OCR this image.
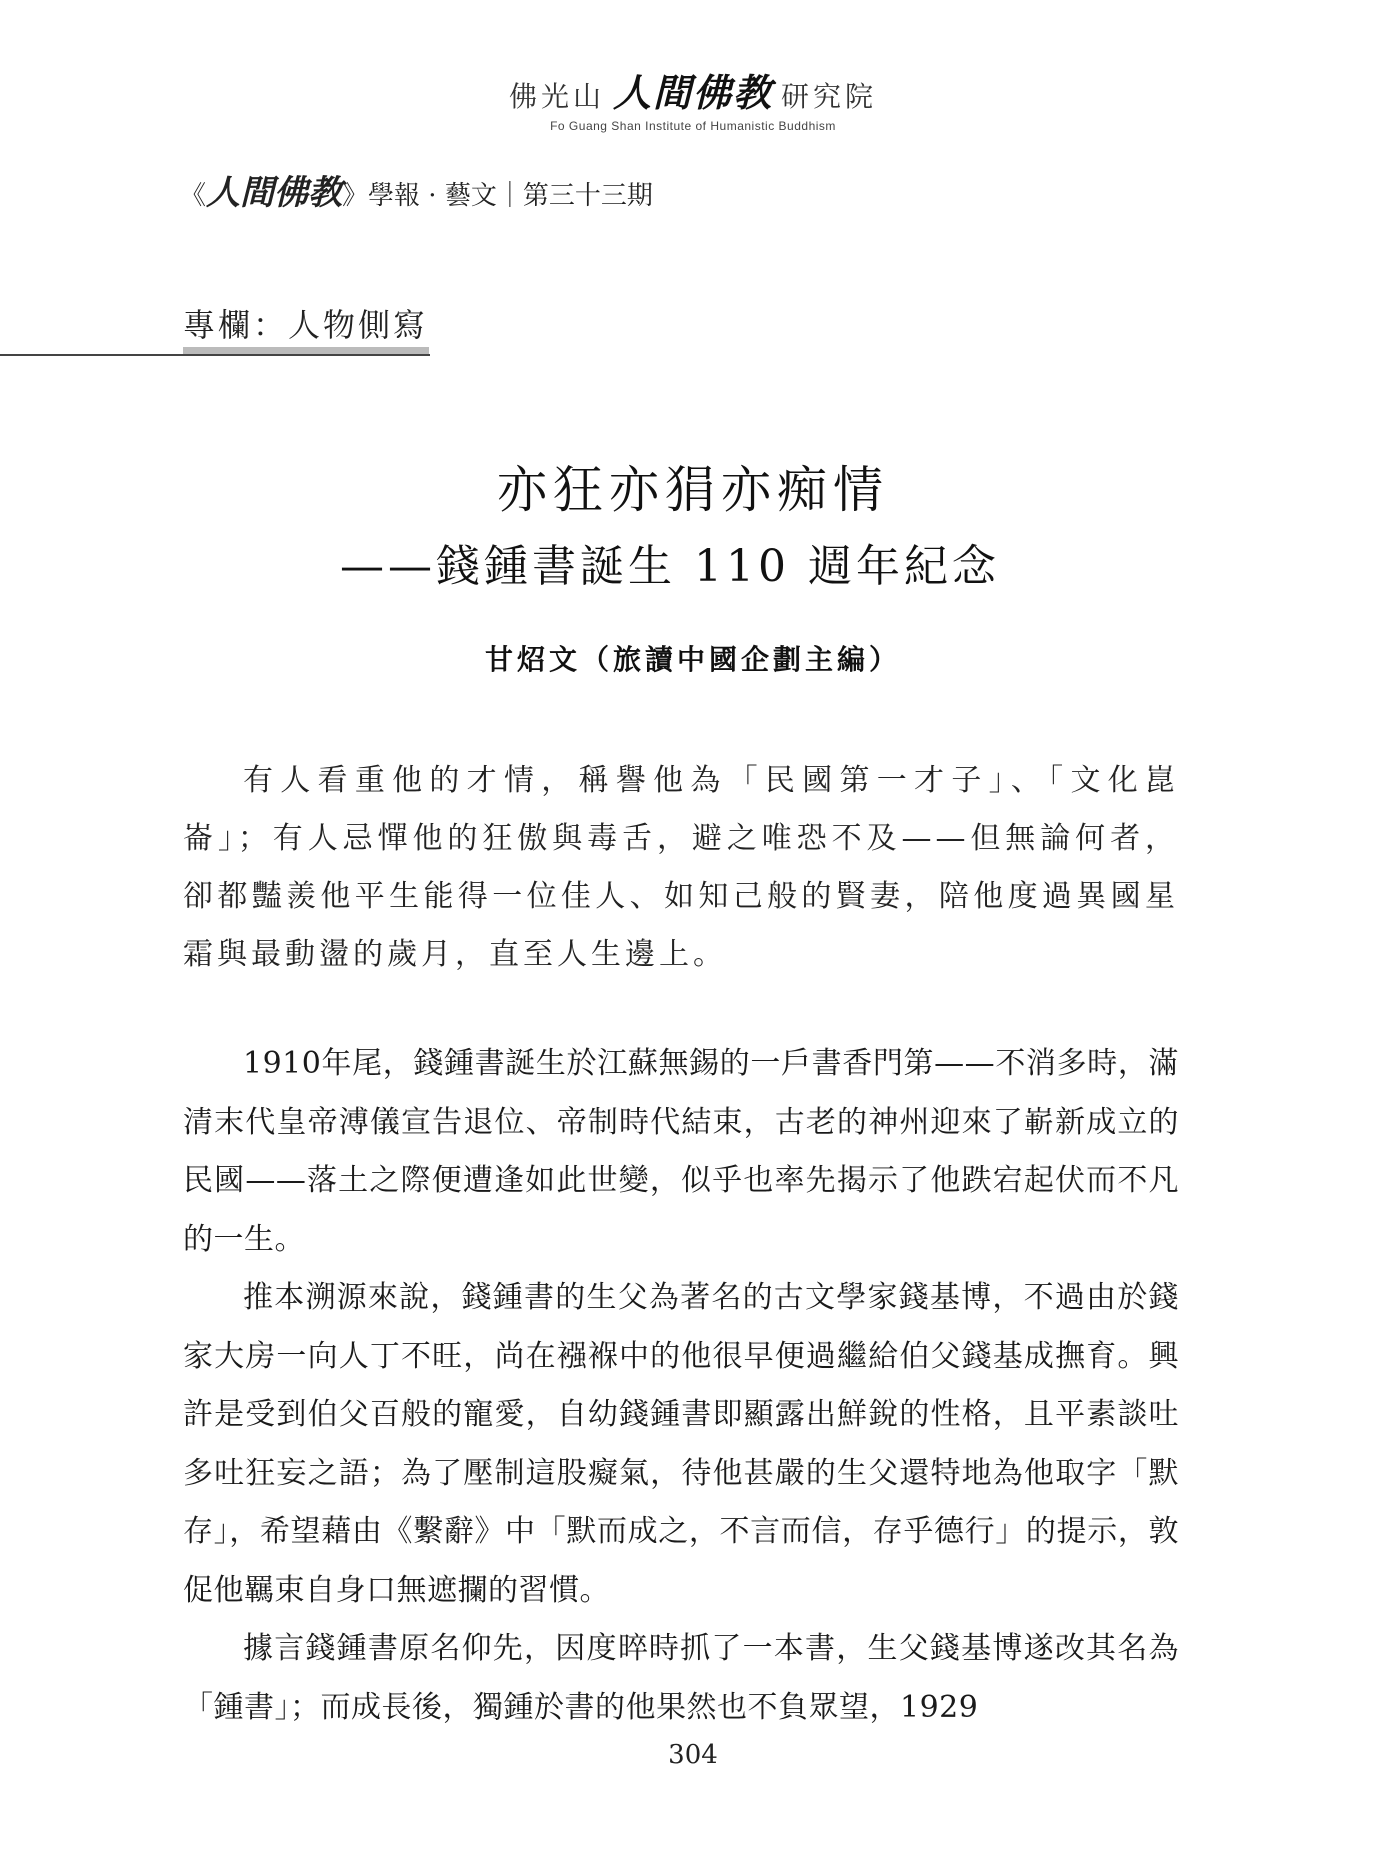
佛光山 人間佛教 研究院
Fo Guang Shan Institute of Humanistic Buddhism
《人間佛教》學報 · 藝文｜第三十三期
專欄：人物側寫
亦狂亦狷亦痴情
——錢鍾書誕生 110 週年紀念
甘炤文（旅讀中國企劃主編）

有人看重他的才情，稱譽他為「民國第一才子」、「文化崑崙」；有人忌憚他的狂傲與毒舌，避之唯恐不及——但無論何者，卻都豔羨他平生能得一位佳人、如知己般的賢妻，陪他度過異國星霜與最動盪的歲月，直至人生邊上。

1910年尾，錢鍾書誕生於江蘇無錫的一戶書香門第——不消多時，滿清末代皇帝溥儀宣告退位、帝制時代結束，古老的神州迎來了嶄新成立的民國——落土之際便遭逢如此世變，似乎也率先揭示了他跌宕起伏而不凡的一生。

推本溯源來說，錢鍾書的生父為著名的古文學家錢基博，不過由於錢家大房一向人丁不旺，尚在襁褓中的他很早便過繼給伯父錢基成撫育。興許是受到伯父百般的寵愛，自幼錢鍾書即顯露出鮮銳的性格，且平素談吐多吐狂妄之語；為了壓制這股癡氣，待他甚嚴的生父還特地為他取字「默存」，希望藉由《繫辭》中「默而成之，不言而信，存乎德行」的提示，敦促他羈束自身口無遮攔的習慣。

據言錢鍾書原名仰先，因度晬時抓了一本書，生父錢基博遂改其名為「鍾書」；而成長後，獨鍾於書的他果然也不負眾望，1929

304
